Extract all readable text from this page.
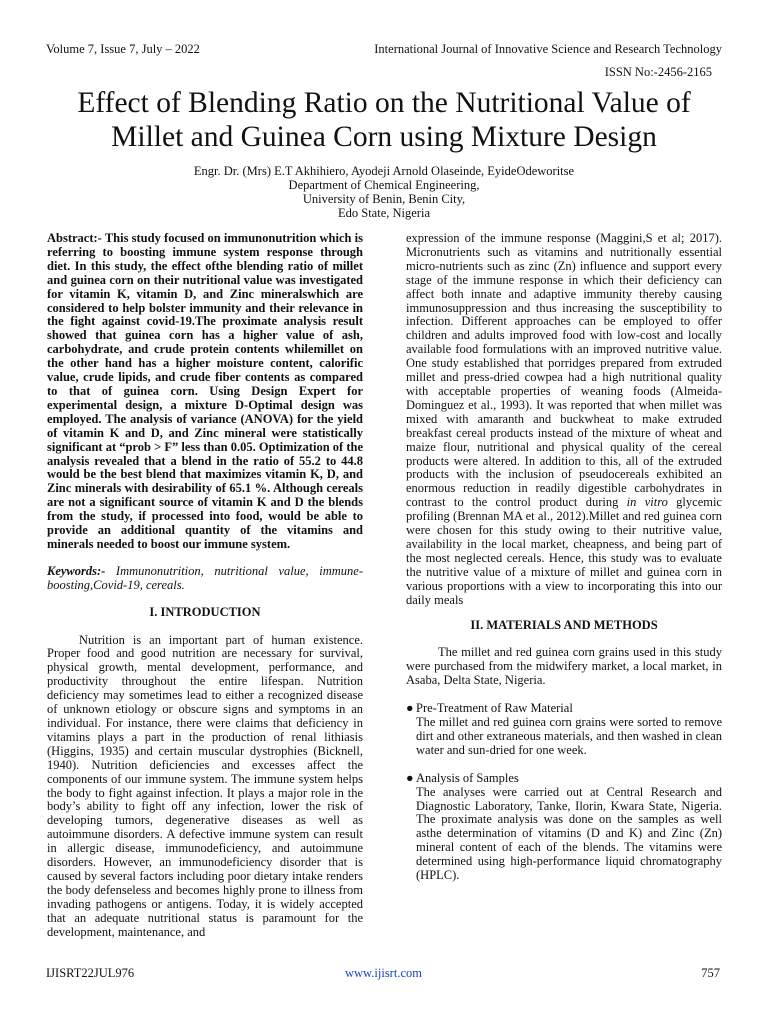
Volume 7, Issue 7, July – 2022	International Journal of Innovative Science and Research Technology
ISSN No:-2456-2165
Effect of Blending Ratio on the Nutritional Value of
Millet and Guinea Corn using Mixture Design
Engr. Dr. (Mrs) E.T Akhihiero, Ayodeji Arnold Olaseinde, EyideOdeworitse
Department of Chemical Engineering,
University of Benin, Benin City,
Edo State, Nigeria

Abstract:- This study focused on immunonutrition which is referring to boosting immune system response through diet. In this study, the effect ofthe blending ratio of millet and guinea corn on their nutritional value was investigated for vitamin K, vitamin D, and Zinc mineralswhich are considered to help bolster immunity and their relevance in the fight against covid-19.The proximate analysis result showed that guinea corn has a higher value of ash, carbohydrate, and crude protein contents whilemillet on the other hand has a higher moisture content, calorific value, crude lipids, and crude fiber contents as compared to that of guinea corn. Using Design Expert for experimental design, a mixture D-Optimal design was employed. The analysis of variance (ANOVA) for the yield of vitamin K and D, and Zinc mineral were statistically significant at “prob > F” less than 0.05. Optimization of the analysis revealed that a blend in the ratio of 55.2 to 44.8 would be the best blend that maximizes vitamin K, D, and Zinc minerals with desirability of 65.1 %. Although cereals are not a significant source of vitamin K and D the blends from the study, if processed into food, would be able to provide an additional quantity of the vitamins and minerals needed to boost our immune system.

Keywords:- Immunonutrition, nutritional value, immune-boosting,Covid-19, cereals.

I. INTRODUCTION

Nutrition is an important part of human existence. Proper food and good nutrition are necessary for survival, physical growth, mental development, performance, and productivity throughout the entire lifespan. Nutrition deficiency may sometimes lead to either a recognized disease of unknown etiology or obscure signs and symptoms in an individual. For instance, there were claims that deficiency in vitamins plays a part in the production of renal lithiasis (Higgins, 1935) and certain muscular dystrophies (Bicknell, 1940). Nutrition deficiencies and excesses affect the components of our immune system. The immune system helps the body to fight against infection. It plays a major role in the body’s ability to fight off any infection, lower the risk of developing tumors, degenerative diseases as well as autoimmune disorders. A defective immune system can result in allergic disease, immunodeficiency, and autoimmune disorders. However, an immunodeficiency disorder that is caused by several factors including poor dietary intake renders the body defenseless and becomes highly prone to illness from invading pathogens or antigens. Today, it is widely accepted that an adequate nutritional status is paramount for the development, maintenance, and

expression of the immune response (Maggini,S et al; 2017). Micronutrients such as vitamins and nutritionally essential micro-nutrients such as zinc (Zn) influence and support every stage of the immune response in which their deficiency can affect both innate and adaptive immunity thereby causing immunosuppression and thus increasing the susceptibility to infection. Different approaches can be employed to offer children and adults improved food with low-cost and locally available food formulations with an improved nutritive value. One study established that porridges prepared from extruded millet and press-dried cowpea had a high nutritional quality with acceptable properties of weaning foods (Almeida-Dominguez et al., 1993). It was reported that when millet was mixed with amaranth and buckwheat to make extruded breakfast cereal products instead of the mixture of wheat and maize flour, nutritional and physical quality of the cereal products were altered. In addition to this, all of the extruded products with the inclusion of pseudocereals exhibited an enormous reduction in readily digestible carbohydrates in contrast to the control product during in vitro glycemic profiling (Brennan MA et al., 2012).Millet and red guinea corn were chosen for this study owing to their nutritive value, availability in the local market, cheapness, and being part of the most neglected cereals. Hence, this study was to evaluate the nutritive value of a mixture of millet and guinea corn in various proportions with a view to incorporating this into our daily meals

II. MATERIALS AND METHODS

The millet and red guinea corn grains used in this study were purchased from the midwifery market, a local market, in Asaba, Delta State, Nigeria.

● Pre-Treatment of Raw Material

The millet and red guinea corn grains were sorted to remove dirt and other extraneous materials, and then washed in clean water and sun-dried for one week.

● Analysis of Samples

The analyses were carried out at Central Research and Diagnostic Laboratory, Tanke, Ilorin, Kwara State, Nigeria. The proximate analysis was done on the samples as well asthe determination of vitamins (D and K) and Zinc (Zn) mineral content of each of the blends. The vitamins were determined using high-performance liquid chromatography (HPLC).

IJISRT22JUL976	www.ijisrt.com	757
